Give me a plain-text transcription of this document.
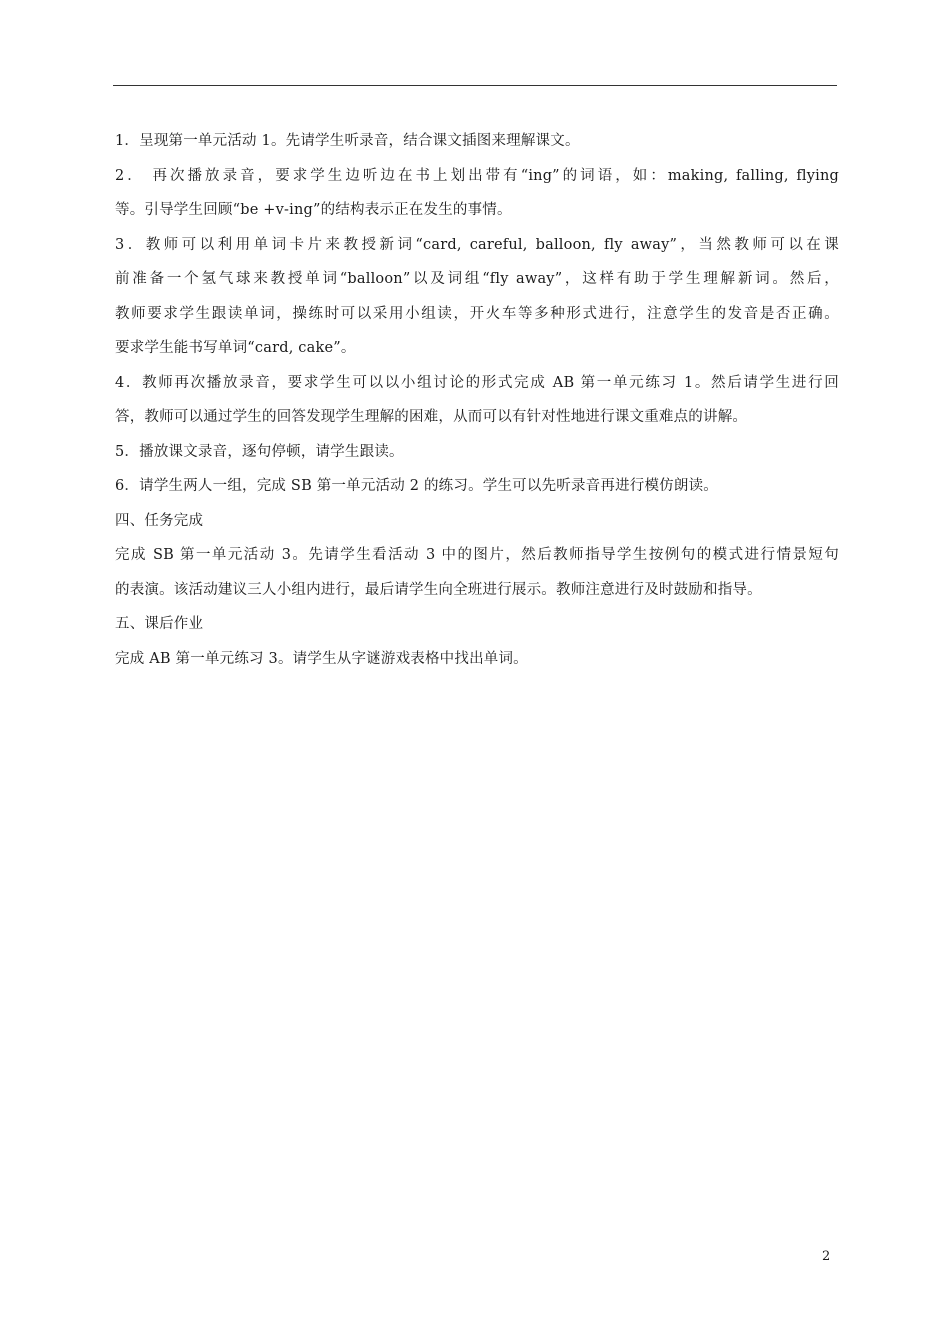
1．呈现第一单元活动 1。先请学生听录音，结合课文插图来理解课文。
2． 再次播放录音，要求学生边听边在书上划出带有“ing”的词语，如：making, falling, flying
等。引导学生回顾“be +v-ing”的结构表示正在发生的事情。
3．教师可以利用单词卡片来教授新词“card, careful, balloon, fly away”，当然教师可以在课
前准备一个氢气球来教授单词“balloon”以及词组“fly away”，这样有助于学生理解新词。然后，
教师要求学生跟读单词，操练时可以采用小组读，开火车等多种形式进行，注意学生的发音是否正确。
要求学生能书写单词“card, cake”。
4．教师再次播放录音，要求学生可以以小组讨论的形式完成 AB 第一单元练习 1。然后请学生进行回
答，教师可以通过学生的回答发现学生理解的困难，从而可以有针对性地进行课文重难点的讲解。
5．播放课文录音，逐句停顿，请学生跟读。
6．请学生两人一组，完成 SB 第一单元活动 2 的练习。学生可以先听录音再进行模仿朗读。
四、任务完成
完成 SB 第一单元活动 3。先请学生看活动 3 中的图片，然后教师指导学生按例句的模式进行情景短句
的表演。该活动建议三人小组内进行，最后请学生向全班进行展示。教师注意进行及时鼓励和指导。
五、课后作业
完成 AB 第一单元练习 3。请学生从字谜游戏表格中找出单词。
2
